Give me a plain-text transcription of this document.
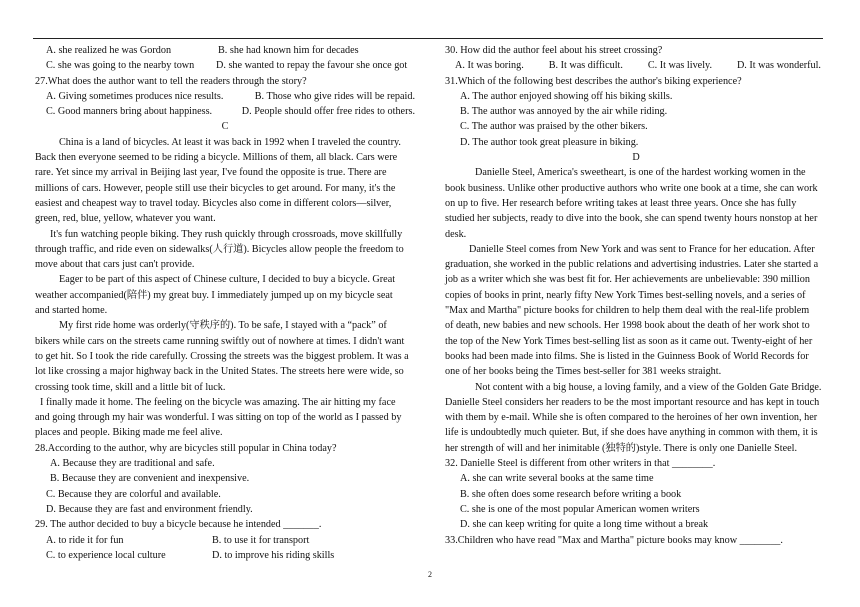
A. she realized he was Gordon	B. she had known him for decades
C. she was going to the nearby town	D. she wanted to repay the favour she once got
27.What does the author want to tell the readers through the story?
A. Giving sometimes produces nice results.	B. Those who give rides will be repaid.
C. Good manners bring about happiness.	D. People should offer free rides to others.
C
China is a land of bicycles. At least it was back in 1992 when I traveled the country.
Back then everyone seemed to be riding a bicycle. Millions of them, all black. Cars were
rare. Yet since my arrival in Beijing last year, I've found the opposite is true. There are
millions of cars. However, people still use their bicycles to get around. For many, it's the
easiest and cheapest way to travel today. Bicycles also come in different colors—silver,
green, red, blue, yellow, whatever you want.
It's fun watching people biking. They rush quickly through crossroads, move skillfully
through traffic, and ride even on sidewalks(人行道). Bicycles allow people the freedom to
move about that cars just can't provide.
Eager to be part of this aspect of Chinese culture, I decided to buy a bicycle. Great
weather accompanied(陪伴) my great buy. I immediately jumped up on my bicycle seat
and started home.
My first ride home was orderly(守秩序的). To be safe, I stayed with a “pack” of
bikers while cars on the streets came running swiftly out of nowhere at times. I didn't want
to get hit. So I took the ride carefully. Crossing the streets was the biggest problem. It was a
lot like crossing a major highway back in the United States. The streets here were wide, so
crossing took time, skill and a little bit of luck.
I finally made it home. The feeling on the bicycle was amazing. The air hitting my face
and going through my hair was wonderful. I was sitting on top of the world as I passed by
places and people. Biking made me feel alive.
28.According to the author, why are bicycles still popular in China today?
A. Because they are traditional and safe.
B. Because they are convenient and inexpensive.
C. Because they are colorful and available.
D. Because they are fast and environment friendly.
29. The author decided to buy a bicycle because he intended _______.
A. to ride it for fun	B. to use it for transport
C. to experience local culture	D. to improve his riding skills
30. How did the author feel about his street crossing?
A. It was boring. B. It was difficult. C. It was lively. D. It was wonderful.
31.Which of the following best describes the author's biking experience?
A. The author enjoyed showing off his biking skills.
B. The author was annoyed by the air while riding.
C. The author was praised by the other bikers.
D. The author took great pleasure in biking.
D
Danielle Steel, America's sweetheart, is one of the hardest working women in the
book business. Unlike other productive authors who write one book at a time, she can work
on up to five. Her research before writing takes at least three years. Once she has fully
studied her subjects, ready to dive into the book, she can spend twenty hours nonstop at her
desk.
Danielle Steel comes from New York and was sent to France for her education. After
graduation, she worked in the public relations and advertising industries. Later she started a
job as a writer which she was best fit for. Her achievements are unbelievable: 390 million
copies of books in print, nearly fifty New York Times best-selling novels, and a series of
"Max and Martha" picture books for children to help them deal with the real-life problem
of death, new babies and new schools. Her 1998 book about the death of her work shot to
the top of the New York Times best-selling list as soon as it came out. Twenty-eight of her
books had been made into films. She is listed in the Guinness Book of World Records for
one of her books being the Times best-seller for 381 weeks straight.
Not content with a big house, a loving family, and a view of the Golden Gate Bridge.
Danielle Steel considers her readers to be the most important resource and has kept in touch
with them by e-mail. While she is often compared to the heroines of her own invention, her
life is undoubtedly much quieter. But, if she does have anything in common with them, it is
her strength of will and her inimitable (独特的)style. There is only one Danielle Steel.
32. Danielle Steel is different from other writers in that ________.
A. she can write several books at the same time
B. she often does some research before writing a book
C. she is one of the most popular American women writers
D. she can keep writing for quite a long time without a break
33.Children who have read "Max and Martha" picture books may know ________.
2
